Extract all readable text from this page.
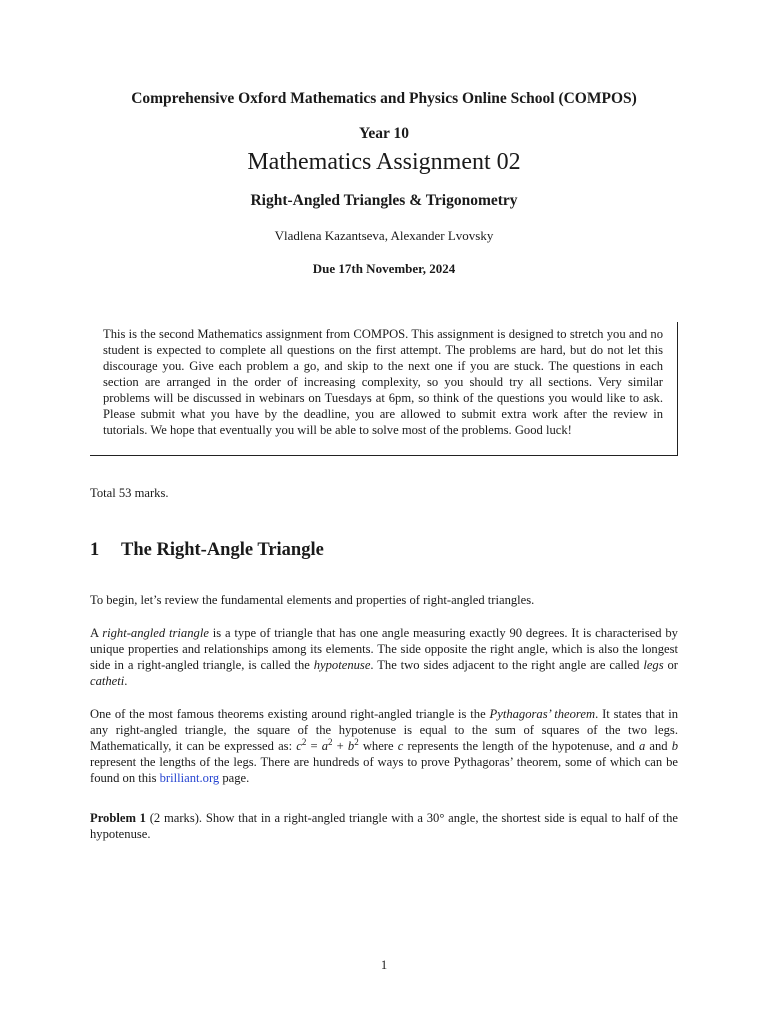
Comprehensive Oxford Mathematics and Physics Online School (COMPOS)
Year 10
Mathematics Assignment 02
Right-Angled Triangles & Trigonometry
Vladlena Kazantseva, Alexander Lvovsky
Due 17th November, 2024
This is the second Mathematics assignment from COMPOS. This assignment is designed to stretch you and no student is expected to complete all questions on the first attempt. The problems are hard, but do not let this discourage you. Give each problem a go, and skip to the next one if you are stuck. The questions in each section are arranged in the order of increasing complexity, so you should try all sections. Very similar problems will be discussed in webinars on Tuesdays at 6pm, so think of the questions you would like to ask. Please submit what you have by the deadline, you are allowed to submit extra work after the review in tutorials. We hope that eventually you will be able to solve most of the problems. Good luck!
Total 53 marks.
1 The Right-Angle Triangle
To begin, let’s review the fundamental elements and properties of right-angled triangles.
A right-angled triangle is a type of triangle that has one angle measuring exactly 90 degrees. It is characterised by unique properties and relationships among its elements. The side opposite the right angle, which is also the longest side in a right-angled triangle, is called the hypotenuse. The two sides adjacent to the right angle are called legs or catheti.
One of the most famous theorems existing around right-angled triangle is the Pythagoras’ theorem. It states that in any right-angled triangle, the square of the hypotenuse is equal to the sum of squares of the two legs. Mathematically, it can be expressed as: $c^2 = a^2 + b^2$ where c represents the length of the hypotenuse, and a and b represent the lengths of the legs. There are hundreds of ways to prove Pythagoras’ theorem, some of which can be found on this brilliant.org page.
Problem 1 (2 marks). Show that in a right-angled triangle with a 30° angle, the shortest side is equal to half of the hypotenuse.
1
